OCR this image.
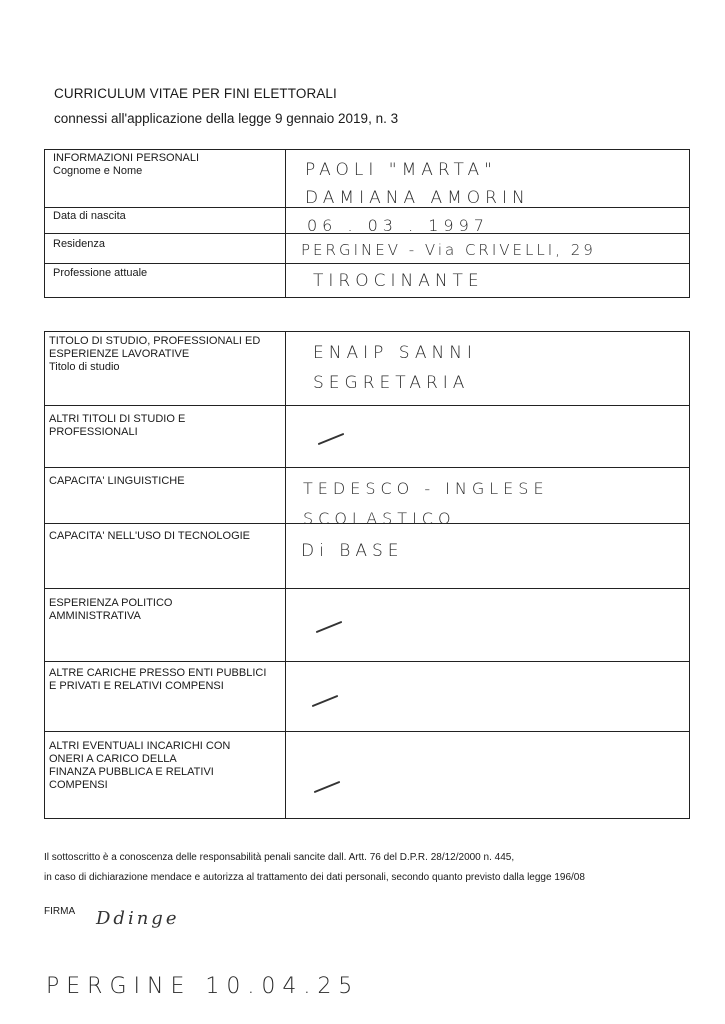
CURRICULUM VITAE PER FINI ELETTORALI
connessi all'applicazione della legge 9 gennaio 2019, n. 3
INFORMAZIONI PERSONALI
Cognome e Nome
Data di nascita
Residenza
Professione attuale
PAOLI "MARTA"
DAMIANA AMORIN
06 . 03 . 1997
PERGINEV - Via CRIVELLI, 29
TIROCINANTE
TITOLO DI STUDIO, PROFESSIONALI ED
ESPERIENZE LAVORATIVE
Titolo di studio
ALTRI TITOLI DI STUDIO E
PROFESSIONALI
CAPACITA' LINGUISTICHE
CAPACITA' NELL'USO DI TECNOLOGIE
ESPERIENZA POLITICO
AMMINISTRATIVA
ALTRE CARICHE PRESSO ENTI PUBBLICI
E PRIVATI E RELATIVI COMPENSI
ALTRI EVENTUALI INCARICHI CON
ONERI A CARICO DELLA
FINANZA PUBBLICA E RELATIVI
COMPENSI
ENAIP SANNI
SEGRETARIA
TEDESCO - INGLESE
SCOLASTICO
Di BASE
Il sottoscritto è a conoscenza delle responsabilità penali sancite dall. Artt. 76 del D.P.R. 28/12/2000 n. 445,
in caso di dichiarazione mendace e autorizza al trattamento dei dati personali, secondo quanto previsto dalla legge 196/08
FIRMA Ddinge
PERGINE 10.04.25
